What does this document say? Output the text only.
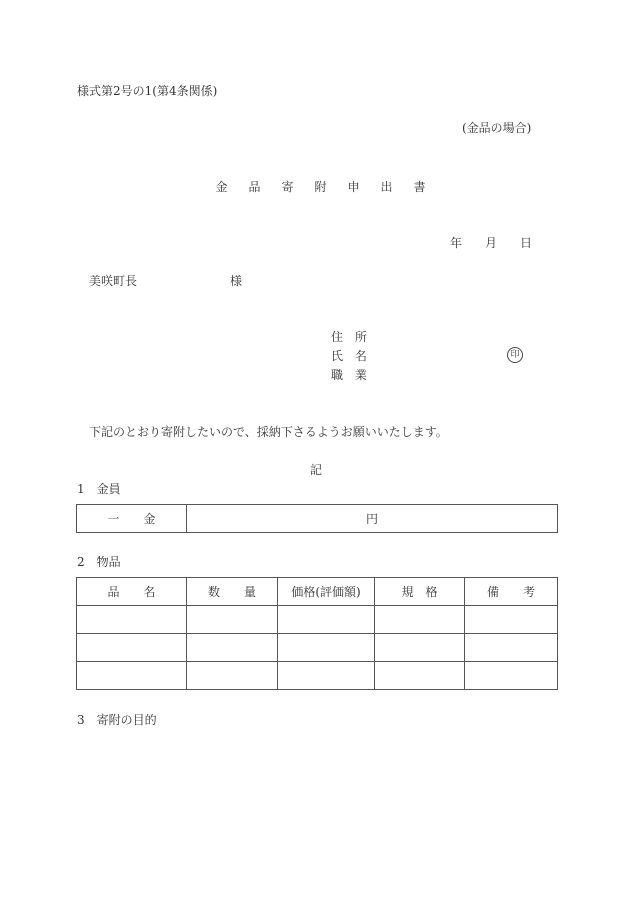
様式第2号の1(第4条関係)
(金品の場合)
金 品 寄 附 申 出 書
年 月 日
美咲町長	様
住 所
氏 名
職 業
印
下記のとおり寄附したいので、採納下さるようお願いいたします。
記
1　金員
一　　金	円
2　物品
品　　名	数　　量	価格(評価額)	規　格	備　　考

3　寄附の目的
